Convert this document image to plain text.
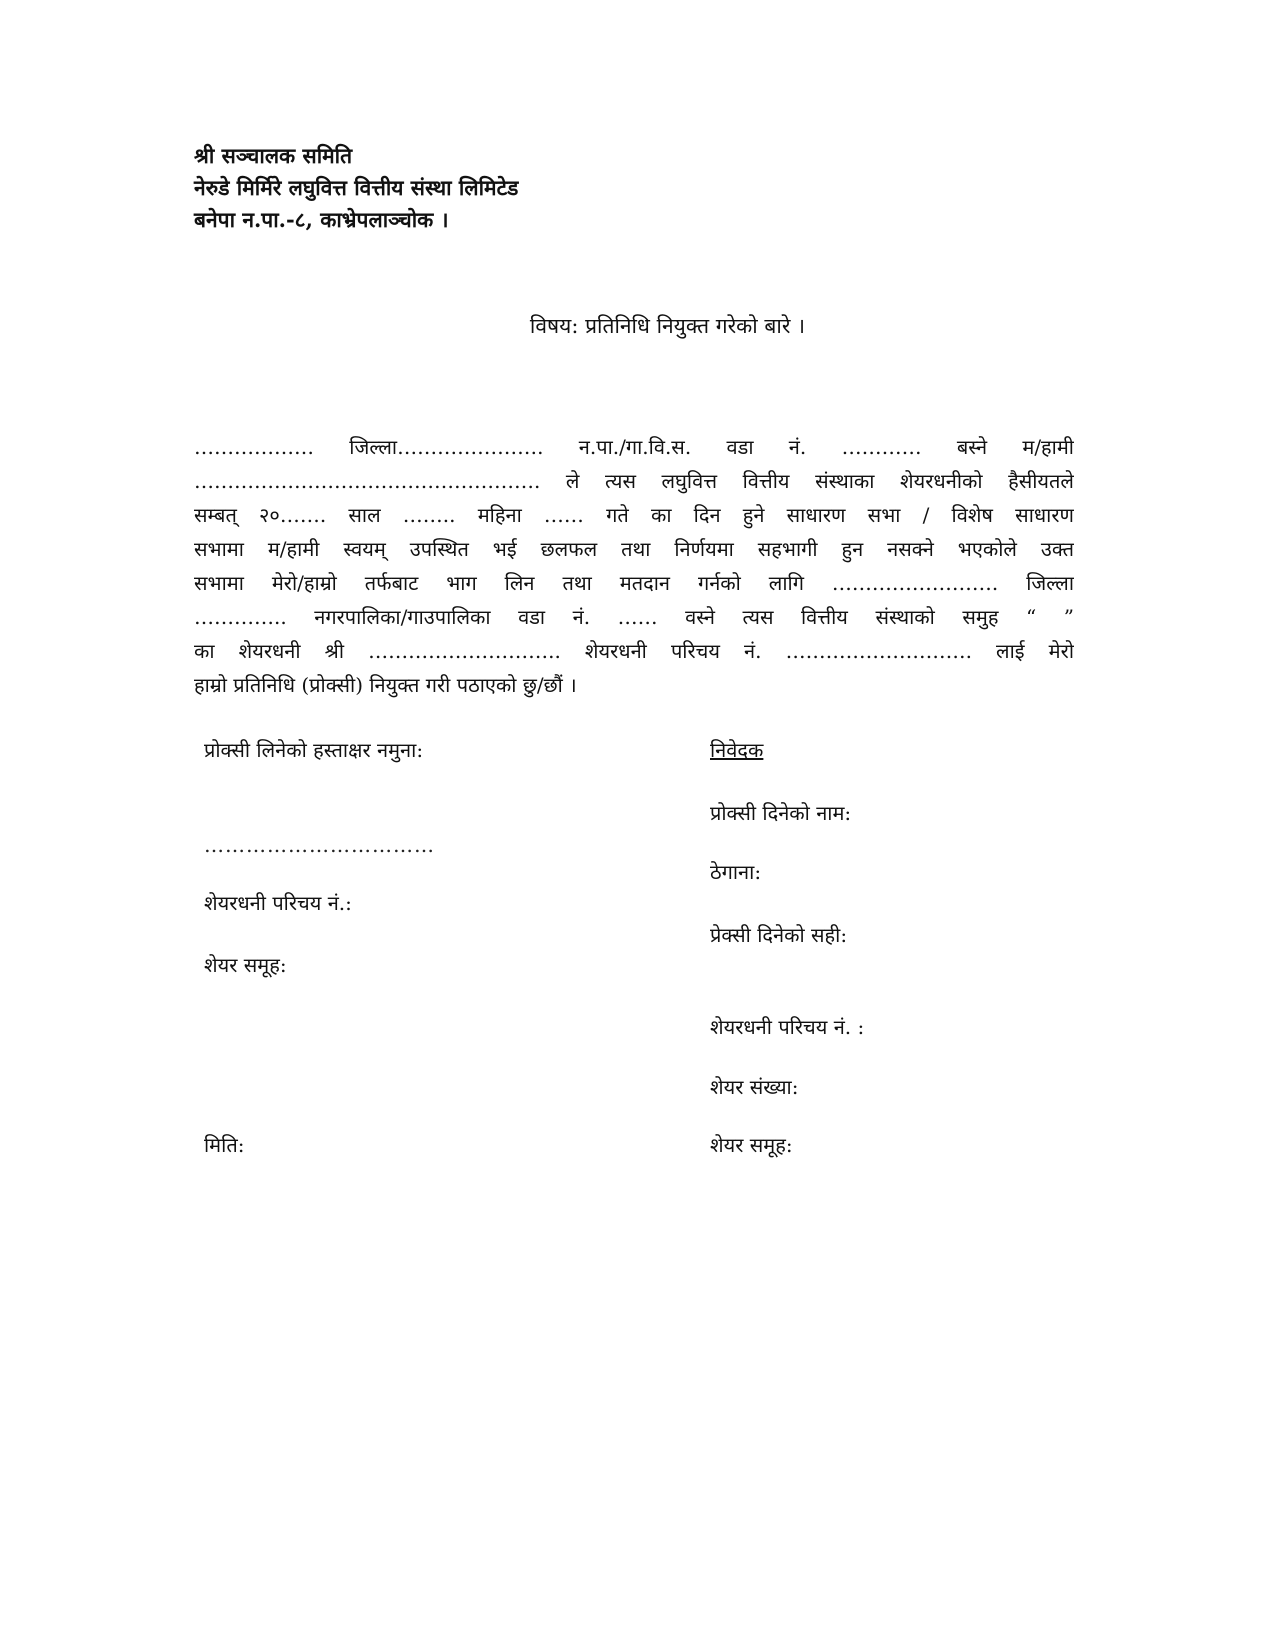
श्री सञ्चालक समिति
नेरुडे मिर्मिरे लघुवित्त वित्तीय संस्था लिमिटेड
बनेपा न.पा.-८, काभ्रेपलाञ्चोक ।
विषय: प्रतिनिधि नियुक्त गरेको बारे ।
……………… जिल्ला…………………. न.पा./गा.वि.स. वडा नं. ………… बस्ने म/हामी
……………………………………………. ले त्यस लघुवित्त वित्तीय संस्थाका शेयरधनीको हैसीयतले
सम्बत् २०……. साल …….. महिना …… गते का दिन हुने साधारण सभा / विशेष साधारण
सभामा म/हामी स्वयम् उपस्थित भई छलफल तथा निर्णयमा सहभागी हुन नसक्ने भएकोले उक्त
सभामा मेरो/हाम्रो तर्फबाट भाग लिन तथा मतदान गर्नको लागि ……………………. जिल्ला
………….. नगरपालिका/गाउपालिका वडा नं. …… वस्ने त्यस वित्तीय संस्थाको समुह “ ”
का शेयरधनी श्री ……………………….. शेयरधनी परिचय नं. ………………………. लाई मेरो
हाम्रो प्रतिनिधि (प्रोक्सी) नियुक्त गरी पठाएको छु/छौं ।
प्रोक्सी लिनेको हस्ताक्षर नमुना:
……………………………
शेयरधनी परिचय नं.:
शेयर समूह:
मिति:
निवेदक
प्रोक्सी दिनेको नाम:
ठेगाना:
प्रेक्सी दिनेको सही:
शेयरधनी परिचय नं. :
शेयर संख्या:
शेयर समूह:
